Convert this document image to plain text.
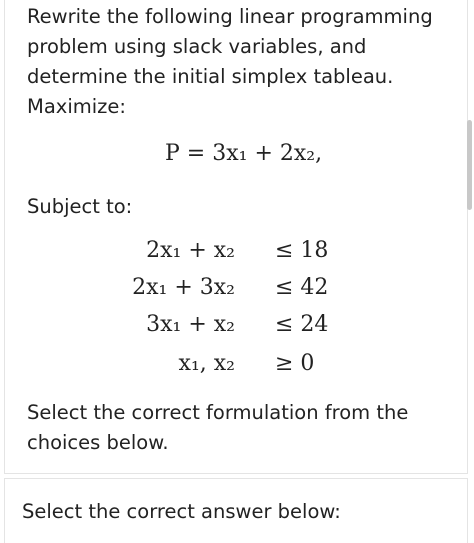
Rewrite the following linear programming problem using slack variables, and determine the initial simplex tableau.
Maximize:
P = 3x₁ + 2x₂,
Subject to:
2x₁ + x₂
2x₁ + 3x₂
3x₁ + x₂
x₁, x₂
≤ 18
≤ 42
≤ 24
≥ 0
Select the correct formulation from the choices below.
Select the correct answer below:
